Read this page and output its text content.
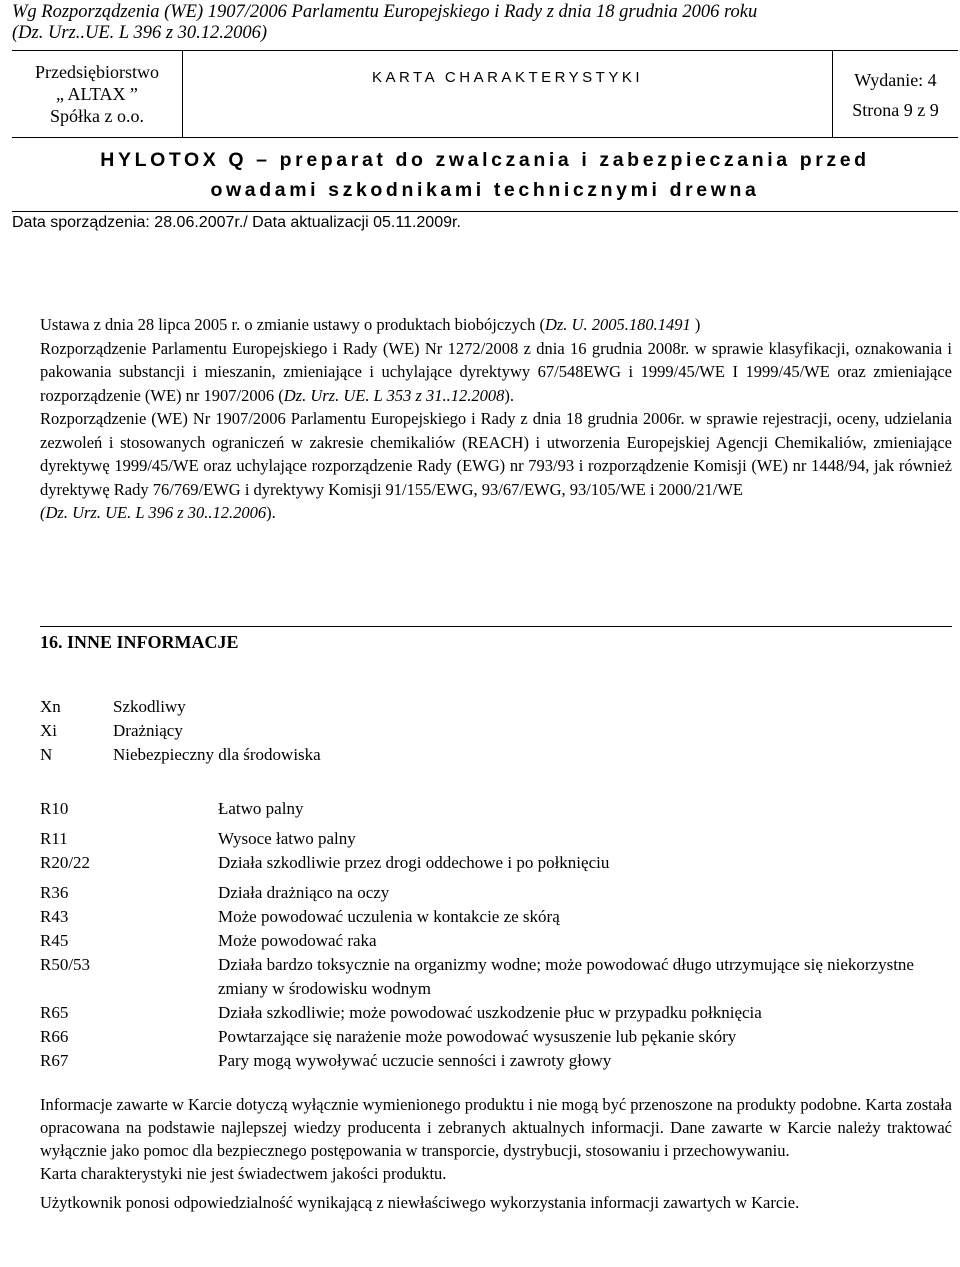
Wg Rozporządzenia (WE) 1907/2006 Parlamentu Europejskiego i Rady z dnia 18 grudnia 2006 roku
(Dz. Urz..UE. L 396 z 30.12.2006)
Przedsiębiorstwo
„ ALTAX ”
Spółka z o.o.
KARTA CHARAKTERYSTYKI	Wydanie: 4
Strona 9 z 9
HYLOTOX Q – preparat do zwalczania i zabezpieczania przed
owadami szkodnikami technicznymi drewna
Data sporządzenia: 28.06.2007r./ Data aktualizacji 05.11.2009r.

Ustawa z dnia 28 lipca 2005 r. o zmianie ustawy o produktach biobójczych (Dz. U. 2005.180.1491 )

Rozporządzenie Parlamentu Europejskiego i Rady (WE) Nr 1272/2008 z dnia 16 grudnia 2008r. w sprawie klasyfikacji, oznakowania i pakowania substancji i mieszanin, zmieniające i uchylające dyrektywy 67/548EWG i 1999/45/WE I 1999/45/WE oraz zmieniające rozporządzenie (WE) nr 1907/2006 (Dz. Urz. UE. L 353 z 31..12.2008).

Rozporządzenie (WE) Nr 1907/2006 Parlamentu Europejskiego i Rady z dnia 18 grudnia 2006r. w sprawie rejestracji, oceny, udzielania zezwoleń i stosowanych ograniczeń w zakresie chemikaliów (REACH) i utworzenia Europejskiej Agencji Chemikaliów, zmieniające dyrektywę 1999/45/WE oraz uchylające rozporządzenie Rady (EWG) nr 793/93 i rozporządzenie Komisji (WE) nr 1448/94, jak również dyrektywę Rady 76/769/EWG i dyrektywy Komisji 91/155/EWG, 93/67/EWG, 93/105/WE i 2000/21/WE
(Dz. Urz. UE. L 396 z 30..12.2006).

16. INNE INFORMACJE
Xn	Szkodliwy
Xi	Drażniący
N	Niebezpieczny dla środowiska
R10	Łatwo palny
R11	Wysoce łatwo palny
R20/22	Działa szkodliwie przez drogi oddechowe i po połknięciu
R36	Działa drażniąco na oczy
R43	Może powodować uczulenia w kontakcie ze skórą
R45	Może powodować raka
R50/53	Działa bardzo toksycznie na organizmy wodne; może powodować długo utrzymujące się niekorzystne zmiany w środowisku wodnym
R65	Działa szkodliwie; może powodować uszkodzenie płuc w przypadku połknięcia
R66	Powtarzające się narażenie może powodować wysuszenie lub pękanie skóry
R67	Pary mogą wywoływać uczucie senności i zawroty głowy

Informacje zawarte w Karcie dotyczą wyłącznie wymienionego produktu i nie mogą być przenoszone na produkty podobne. Karta została opracowana na podstawie najlepszej wiedzy producenta i zebranych aktualnych informacji. Dane zawarte w Karcie należy traktować wyłącznie jako pomoc dla bezpiecznego postępowania w transporcie, dystrybucji, stosowaniu i przechowywaniu.

Karta charakterystyki nie jest świadectwem jakości produktu.

Użytkownik ponosi odpowiedzialność wynikającą z niewłaściwego wykorzystania informacji zawartych w Karcie.
